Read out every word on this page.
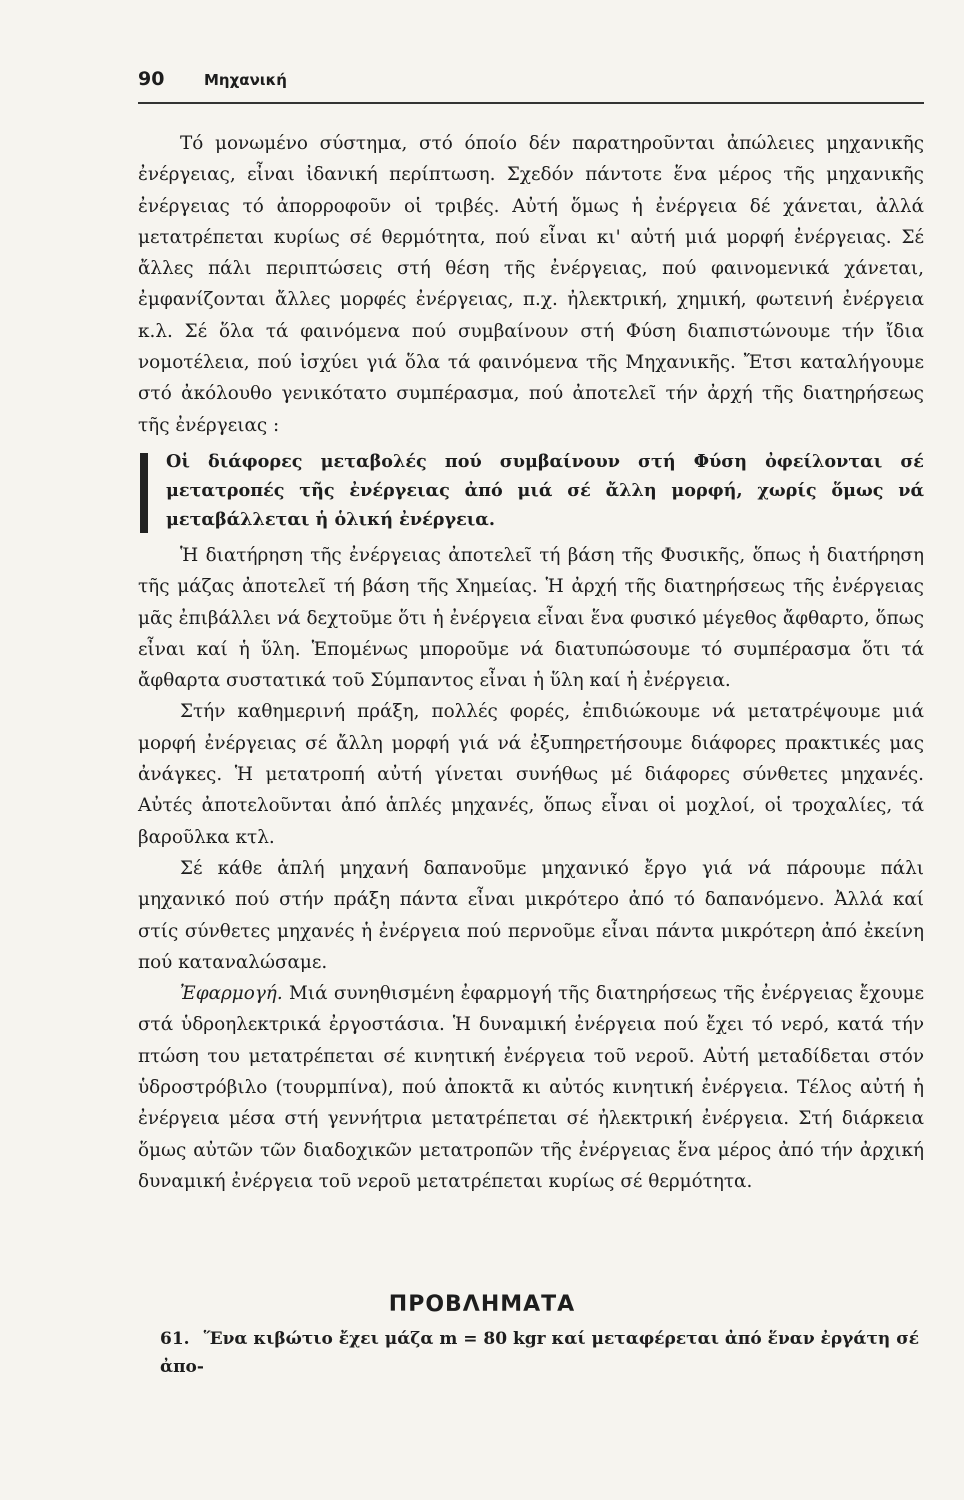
90	Μηχανική

Τό μονωμένο σύστημα, στό όποίο δέν παρατηροῦνται ἀπώλειες μηχανικῆς ἐνέργειας, εἶναι ἰδανική περίπτωση. Σχεδόν πάντοτε ἕνα μέρος τῆς μηχανικῆς ἐνέργειας τό ἀπορροφοῦν οἱ τριβές. Αὐτή ὅμως ἡ ἐνέργεια δέ χάνεται, ἀλλά μετατρέπεται κυρίως σέ θερμότητα, πού εἶναι κι' αὐτή μιά μορφή ἐνέργειας. Σέ ἄλλες πάλι περιπτώσεις στή θέση τῆς ἐνέργειας, πού φαινομενικά χάνεται, ἐμφανίζονται ἄλλες μορφές ἐνέργειας, π.χ. ἠλεκτρική, χημική, φωτεινή ἐνέργεια κ.λ. Σέ ὅλα τά φαινόμενα πού συμβαίνουν στή Φύση διαπιστώνουμε τήν ἴδια νομοτέλεια, πού ἰσχύει γιά ὅλα τά φαινόμενα τῆς Μηχανικῆς. Ἔτσι καταλήγουμε στό ἀκόλουθο γενικότατο συμπέρασμα, πού ἀποτελεῖ τήν ἀρχή τῆς διατηρήσεως τῆς ἐνέργειας :

Οἱ διάφορες μεταβολές πού συμβαίνουν στή Φύση ὀφείλονται σέ μετατροπές τῆς ἐνέργειας ἀπό μιά σέ ἄλλη μορφή, χωρίς ὅμως νά μεταβάλλεται ἡ ὁλική ἐνέργεια.

Ἡ διατήρηση τῆς ἐνέργειας ἀποτελεῖ τή βάση τῆς Φυσικῆς, ὅπως ἡ διατήρηση τῆς μάζας ἀποτελεῖ τή βάση τῆς Χημείας. Ἡ ἀρχή τῆς διατηρήσεως τῆς ἐνέργειας μᾶς ἐπιβάλλει νά δεχτοῦμε ὅτι ἡ ἐνέργεια εἶναι ἕνα φυσικό μέγεθος ἄφθαρτο, ὅπως εἶναι καί ἡ ὕλη. Ἑπομένως μποροῦμε νά διατυπώσουμε τό συμπέρασμα ὅτι τά ἄφθαρτα συστατικά τοῦ Σύμπαντος εἶναι ἡ ὕλη καί ἡ ἐνέργεια.

Στήν καθημερινή πράξη, πολλές φορές, ἐπιδιώκουμε νά μετατρέψουμε μιά μορφή ἐνέργειας σέ ἄλλη μορφή γιά νά ἐξυπηρετήσουμε διάφορες πρακτικές μας ἀνάγκες. Ἡ μετατροπή αὐτή γίνεται συνήθως μέ διάφορες σύνθετες μηχανές. Αὐτές ἀποτελοῦνται ἀπό ἁπλές μηχανές, ὅπως εἶναι οἱ μοχλοί, οἱ τροχαλίες, τά βαροῦλκα κτλ.

Σέ κάθε ἁπλή μηχανή δαπανοῦμε μηχανικό ἔργο γιά νά πάρουμε πάλι μηχανικό πού στήν πράξη πάντα εἶναι μικρότερο ἀπό τό δαπανόμενο. Ἀλλά καί στίς σύνθετες μηχανές ἡ ἐνέργεια πού περνοῦμε εἶναι πάντα μικρότερη ἀπό ἐκείνη πού καταναλώσαμε.

Ἐφαρμογή. Μιά συνηθισμένη ἐφαρμογή τῆς διατηρήσεως τῆς ἐνέργειας ἔχουμε στά ὑδροηλεκτρικά ἐργοστάσια. Ἡ δυναμική ἐνέργεια πού ἔχει τό νερό, κατά τήν πτώση του μετατρέπεται σέ κινητική ἐνέργεια τοῦ νεροῦ. Αὐτή μεταδίδεται στόν ὑδροστρόβιλο (τουρμπίνα), πού ἀποκτᾶ κι αὐτός κινητική ἐνέργεια. Τέλος αὐτή ἡ ἐνέργεια μέσα στή γεννήτρια μετατρέπεται σέ ἠλεκτρική ἐνέργεια. Στή διάρκεια ὅμως αὐτῶν τῶν διαδοχικῶν μετατροπῶν τῆς ἐνέργειας ἕνα μέρος ἀπό τήν ἀρχική δυναμική ἐνέργεια τοῦ νεροῦ μετατρέπεται κυρίως σέ θερμότητα.

ΠΡΟΒΛΗΜΑΤΑ
61. Ἕνα κιβώτιο ἔχει μάζα m = 80 kgr καί μεταφέρεται ἀπό ἕναν ἐργάτη σέ ἀπο-
